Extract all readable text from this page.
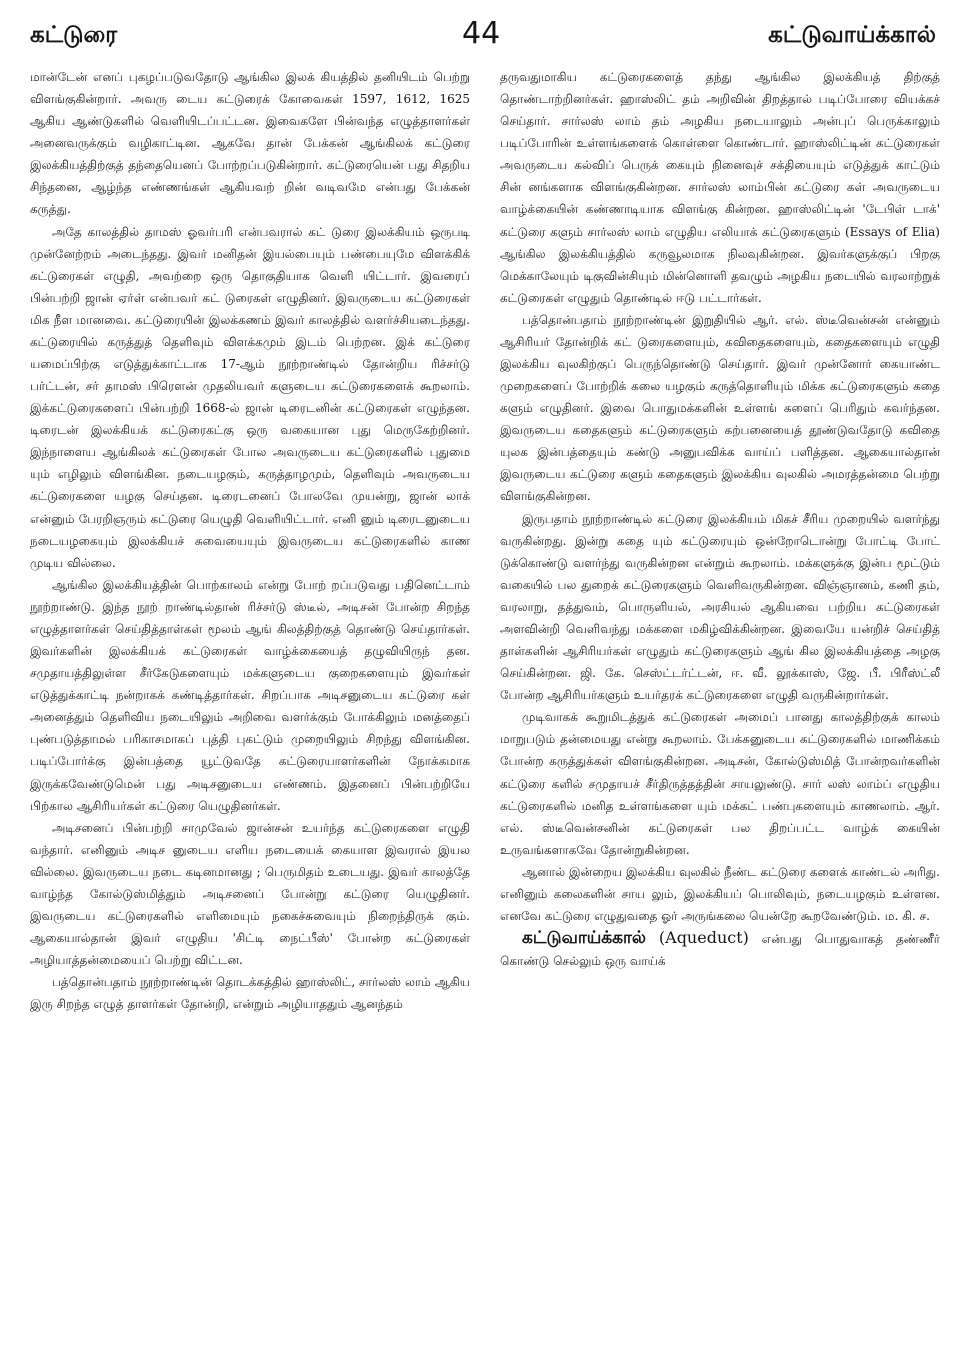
கட்டுரை	44	கட்டுவாய்க்கால்

மான்டேன் எனப் புகழப்படுவதோடு ஆங்கில இலக் கியத்தில் தனியிடம் பெற்று விளங்குகின்றார். அவரு டைய கட்டுரைக் கோவைகள் 1597, 1612, 1625 ஆகிய ஆண்டுகளில் வெளியிடப்பட்டன. இவைகளே பின்வந்த எழுத்தாளர்கள் அனைவருக்கும் வழிகாட்டின. ஆகவே தான் பேக்கன் ஆங்கிலக் கட்டுரை இலக்கியத்திற்குத் தந்தையெனப் போற்றப்படுகின்றார். கட்டுரையென் பது சிதறிய சிந்தனை, ஆழ்ந்த எண்ணங்கள் ஆகியவற் றின் வடிவமே என்பது பேக்கன் கருத்து.

அதே காலத்தில் தாமஸ் ஓவர்பரி என்பவரால் கட் டுரை இலக்கியம் ஒருபடி முன்னேற்றம் அடைந்தது. இவர் மனிதன் இயல்பையும் பண்பையுமே விளக்கிக் கட்டுரைகள் எழுதி, அவற்றை ஒரு தொகுதியாக வெளி யிட்டார். இவரைப் பின்பற்றி ஜான் ஏர்ள் என்பவர் கட் டுரைகள் எழுதினர். இவருடைய கட்டுரைகள் மிக நீள மானவை. கட்டுரையின் இலக்கணம் இவர் காலத்தில் வளர்ச்சியடைந்தது. கட்டுரையில் கருத்துத் தெளிவும் விளக்கமும் இடம் பெற்றன. இக் கட்டுரை யமைப்பிற்கு எடுத்துக்காட்டாக 17-ஆம் நூற்றாண்டில் தோன்றிய ரிச்சர்டு பர்ட்டன், சர் தாமஸ் பிரௌன் முதலியவர் களுடைய கட்டுரைகளைக் கூறலாம். இக்கட்டுரைகளைப் பின்பற்றி 1668-ல் ஜான் டிரைடனின் கட்டுரைகள் எழுந்தன. டிரைடன் இலக்கியக் கட்டுரைகட்கு ஒரு வகையான புது மெருகேற்றினர். இந்நாளைய ஆங்கிலக் கட்டுரைகள் போல அவருடைய கட்டுரைகளில் புதுமை யும் எழிலும் விளங்கின. நடையழகும், கருத்தாழமும், தெளிவும் அவருடைய கட்டுரைகளை யழகு செய்தன. டிரைடனைப் போலவே முயன்று, ஜான் லாக் என்னும் பேரறிஞரும் கட்டுரை யெழுதி வெளியிட்டார். எனி னும் டிரைடனுடைய நடையழகையும் இலக்கியச் சுவையையும் இவருடைய கட்டுரைகளில் காண முடிய வில்லை.

ஆங்கில இலக்கியத்தின் பொற்காலம் என்று போற் றப்படுவது பதினெட்டாம் நூற்றாண்டு. இந்த நூற் றாண்டில்தான் ரிச்சர்டு ஸ்டீல், அடிசன் போன்ற சிறந்த எழுத்தாளர்கள் செய்தித்தாள்கள் மூலம் ஆங் கிலத்திற்குத் தொண்டு செய்தார்கள். இவர்களின் இலக்கியக் கட்டுரைகள் வாழ்க்கையைத் தழுவியிருந் தன. சமுதாயத்திலுள்ள சீர்கேடுகளையும் மக்களுடைய குறைகளையும் இவர்கள் எடுத்துக்காட்டி நன்றாகக் கண்டித்தார்கள். சிறப்பாக அடிசனுடைய கட்டுரை கள் அனைத்தும் தெளிவிய நடையிலும் அறிவை வளர்க்கும் போக்கிலும் மனத்தைப் புண்படுத்தாமல் பரிகாசமாகப் புத்தி புகட்டும் முறையிலும் சிறந்து விளங்கின. படிப்போர்க்கு இன்பத்தை யூட்டுவதே கட்டுரையாளர்களின் நோக்கமாக இருக்கவேண்டுமென் பது அடிசனுடைய எண்ணம். இதனைப் பின்பற்றியே பிற்கால ஆசிரியர்கள் கட்டுரை யெழுதினர்கள்.

அடிசனைப் பின்பற்றி சாமுவேல் ஜான்சன் உயர்ந்த கட்டுரைகளை எழுதி வந்தார். எனினும் அடிச னுடைய எளிய நடையைக் கையாள இவரால் இயல வில்லை. இவருடைய நடை கடினமானது ; பெருமிதம் உடையது. இவர் காலத்தே வாழ்ந்த கோல்டுஸ்மித்தும் அடிசனைப் போன்று கட்டுரை யெழுதினர். இவருடைய கட்டுரைகளில் எளிமையும் நகைச்சுவையும் நிறைந்திருக் கும். ஆகையால்தான் இவர் எழுதிய 'சிட்டி நைட்பீஸ்' போன்ற கட்டுரைகள் அழியாத்தன்மையைப் பெற்று விட்டன.

பத்தொன்பதாம் நூற்றாண்டின் தொடக்கத்தில் ஹாஸ்லிட், சார்லஸ் லாம் ஆகிய இரு சிறந்த எழுத் தாளர்கள் தோன்றி, என்றும் அழியாததும் ஆனந்தம்

தருவதுமாகிய கட்டுரைகளைத் தந்து ஆங்கில இலக்கியத் திற்குத் தொண்டாற்றினர்கள். ஹாஸ்லிட் தம் அறிவின் திறத்தால் படிப்போரை வியக்கச் செய்தார். சார்லஸ் லாம் தம் அழகிய நடையாலும் அன்புப் பெருக்காலும் படிப்போரின் உள்ளங்களைக் கொள்ளை கொண்டார். ஹாஸ்லிட்டின் கட்டுரைகள் அவருடைய கல்விப் பெருக் கையும் நினைவுச் சக்தியையும் எடுத்துக் காட்டும் சின் னங்களாக விளங்குகின்றன. சார்லஸ் லாம்பின் கட்டுரை கள் அவருடைய வாழ்க்கையின் கண்ணாடியாக விளங்கு கின்றன. ஹாஸ்லிட்டின் 'டேபிள் டாக்' கட்டுரை களும் சார்லஸ் லாம் எழுதிய எலியாக் கட்டுரைகளும் (Essays of Elia) ஆங்கில இலக்கியத்தில் கருவூலமாக நிலவுகின்றன. இவர்களுக்குப் பிறகு மெக்காலேயும் டிகுவின்சியும் மின்னொளி தவழும் அழகிய நடையில் வரலாற்றுக் கட்டுரைகள் எழுதும் தொண்டில் ஈடு பட்டார்கள்.

பத்தொன்பதாம் நூற்றாண்டின் இறுதியில் ஆர். எல். ஸ்டீவென்சன் என்னும் ஆசிரியர் தோன்றிக் கட் டுரைகளையும், கவிதைகளையும், கதைகளையும் எழுதி இலக்கிய வுலகிற்குப் பெருந்தொண்டு செய்தார். இவர் முன்னோர் கையாண்ட முறைகளைப் போற்றிக் கலை யழகும் கருத்தொளியும் மிக்க கட்டுரைகளும் கதை களும் எழுதினர். இவை பொதுமக்களின் உள்ளங் களைப் பெரிதும் கவர்ந்தன. இவருடைய கதைகளும் கட்டுரைகளும் கற்பனையைத் தூண்டுவதோடு கவிதை யுலக இன்பத்தையும் கண்டு அனுபவிக்க வாய்ப் பளித்தன. ஆகையால்தான் இவருடைய கட்டுரை களும் கதைகளும் இலக்கிய வுலகில் அமரத்தன்மை பெற்று விளங்குகின்றன.

இருபதாம் நூற்றாண்டில் கட்டுரை இலக்கியம் மிகச் சீரிய முறையில் வளர்ந்து வருகின்றது. இன்று கதை யும் கட்டுரையும் ஒன்றோடொன்று போட்டி போட் டுக்கொண்டு வளர்ந்து வருகின்றன என்றும் கூறலாம். மக்களுக்கு இன்ப மூட்டும் வகையில் பல துறைக் கட்டுரைகளும் வெளிவருகின்றன. விஞ்ஞானம், கணி தம், வரலாறு, தத்துவம், பொருளியல், அரசியல் ஆகியவை பற்றிய கட்டுரைகள் அளவின்றி வெளிவந்து மக்களை மகிழ்விக்கின்றன. இவையே யன்றிச் செய்தித் தாள்களின் ஆசிரியர்கள் எழுதும் கட்டுரைகளும் ஆங் கில இலக்கியத்தை அழகு செய்கின்றன. ஜி. கே. செஸ்ட்டர்ட்டன், ஈ. வீ. லூக்காஸ், ஜே. பீ. பிரீஸ்ட்லீ போன்ற ஆசிரியர்களும் உயர்தரக் கட்டுரைகளை எழுதி வருகின்றார்கள்.

முடிவாகக் கூறுமிடத்துக் கட்டுரைகள் அமைப் பானது காலத்திற்குக் காலம் மாறுபடும் தன்மையது என்று கூறலாம். பேக்கனுடைய கட்டுரைகளில் மாணிக்கம் போன்ற கருத்துக்கள் விளங்குகின்றன. அடிசன், கோல்டுஸ்மித் போன்றவர்களின் கட்டுரை களில் சமுதாயச் சீர்திருத்தத்தின் சாயலுண்டு. சார் லஸ் லாம்ப் எழுதிய கட்டுரைகளில் மனித உள்ளங்களை யும் மக்கட் பண்புகளையும் காணலாம். ஆர். எல். ஸ்டீவென்சனின் கட்டுரைகள் பல திறப்பட்ட வாழ்க் கையின் உருவங்களாகவே தோன்றுகின்றன.

ஆனால் இன்றைய இலக்கிய வுலகில் நீண்ட கட்டுரை களைக் காண்டல் அரிது. எனினும் கலைகளின் சாய லும், இலக்கியப் பொலிவும், நடையழகும் உள்ளன. எனவே கட்டுரை எழுதுவதை ஓர் அருங்கலை யென்றே கூறவேண்டும். ம. கி. ச.

கட்டுவாய்க்கால் (Aqueduct) என்பது பொதுவாகத் தண்ணீர் கொண்டு செல்லும் ஒரு வாய்க்
